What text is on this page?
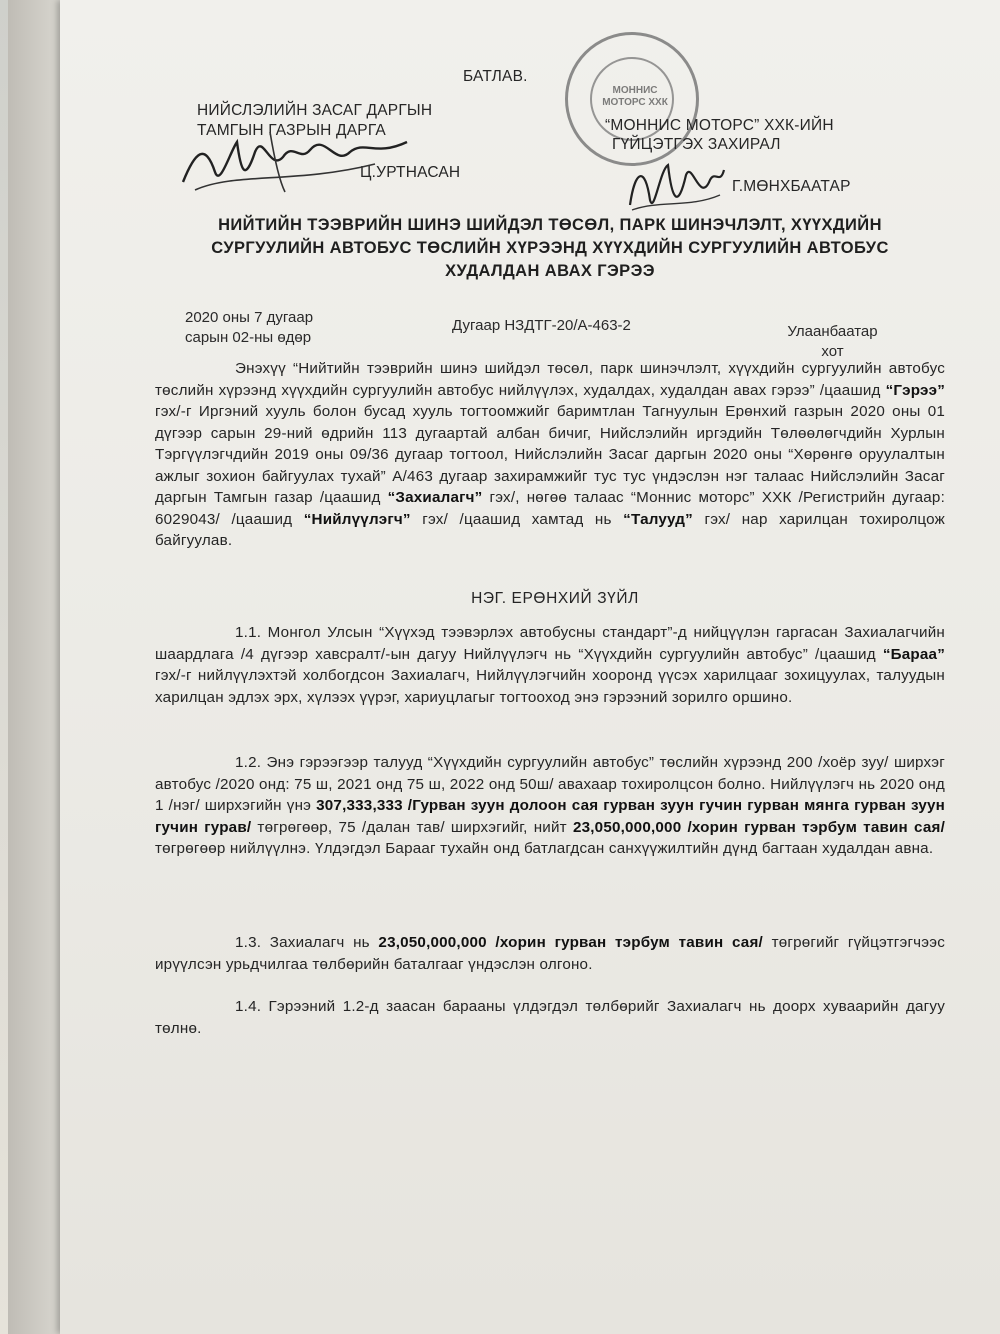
БАТЛАВ.
НИЙСЛЭЛИЙН ЗАСАГ ДАРГЫН
ТАМГЫН ГАЗРЫН ДАРГА
Ц.УРТНАСАН
МОННИС МОТОРС ХХК
“МОННИС МОТОРС” ХХК-ИЙН
ГҮЙЦЭТГЭХ ЗАХИРАЛ
Г.МӨНХБААТАР
НИЙТИЙН ТЭЭВРИЙН ШИНЭ ШИЙДЭЛ ТӨСӨЛ, ПАРК ШИНЭЧЛЭЛТ, ХҮҮХДИЙН
СУРГУУЛИЙН АВТОБУС ТӨСЛИЙН ХҮРЭЭНД ХҮҮХДИЙН СУРГУУЛИЙН АВТОБУС
ХУДАЛДАН АВАХ ГЭРЭЭ
2020 оны 7 дугаар
сарын 02-ны өдөр
Дугаар НЗДТГ-20/А-463-2	Улаанбаатар
хот
Энэхүү “Нийтийн тээврийн шинэ шийдэл төсөл, парк шинэчлэлт, хүүхдийн сургуулийн автобус төслийн хүрээнд хүүхдийн сургуулийн автобус нийлүүлэх, худалдах, худалдан авах гэрээ” /цаашид “Гэрээ” гэх/-г Иргэний хууль болон бусад хууль тогтоомжийг баримтлан Тагнуулын Ерөнхий газрын 2020 оны 01 дүгээр сарын 29-ний өдрийн 113 дугаартай албан бичиг, Нийслэлийн иргэдийн Төлөөлөгчдийн Хурлын Тэргүүлэгчдийн 2019 оны 09/36 дугаар тогтоол, Нийслэлийн Засаг даргын 2020 оны “Хөрөнгө оруулалтын ажлыг зохион байгуулах тухай” А/463 дугаар захирамжийг тус тус үндэслэн нэг талаас Нийслэлийн Засаг даргын Тамгын газар /цаашид “Захиалагч” гэх/, нөгөө талаас “Моннис моторс” ХХК /Регистрийн дугаар: 6029043/ /цаашид “Нийлүүлэгч” гэх/ /цаашид хамтад нь “Талууд” гэх/ нар харилцан тохиролцож байгуулав.
НЭГ. ЕРӨНХИЙ ЗҮЙЛ
1.1. Монгол Улсын “Хүүхэд тээвэрлэх автобусны стандарт”-д нийцүүлэн гаргасан Захиалагчийн шаардлага /4 дүгээр хавсралт/-ын дагуу Нийлүүлэгч нь “Хүүхдийн сургуулийн автобус” /цаашид “Бараа” гэх/-г нийлүүлэхтэй холбогдсон Захиалагч, Нийлүүлэгчийн хооронд үүсэх харилцааг зохицуулах, талуудын харилцан эдлэх эрх, хүлээх үүрэг, хариуцлагыг тогтооход энэ гэрээний зорилго оршино.
1.2. Энэ гэрээгээр талууд “Хүүхдийн сургуулийн автобус” төслийн хүрээнд 200 /хоёр зуу/ ширхэг автобус /2020 онд: 75 ш, 2021 онд 75 ш, 2022 онд 50ш/ авахаар тохиролцсон болно. Нийлүүлэгч нь 2020 онд 1 /нэг/ ширхэгийн үнэ 307,333,333 /Гурван зуун долоон сая гурван зуун гучин гурван мянга гурван зуун гучин гурав/ төгрөгөөр, 75 /далан тав/ ширхэгийг, нийт 23,050,000,000 /хорин гурван тэрбум тавин сая/ төгрөгөөр нийлүүлнэ. Үлдэгдэл Барааг тухайн онд батлагдсан санхүүжилтийн дүнд багтаан худалдан авна.
1.3. Захиалагч нь 23,050,000,000 /хорин гурван тэрбум тавин сая/ төгрөгийг гүйцэтгэгчээс ирүүлсэн урьдчилгаа төлбөрийн баталгааг үндэслэн олгоно.
1.4. Гэрээний 1.2-д заасан барааны үлдэгдэл төлбөрийг Захиалагч нь доорх хуваарийн дагуу төлнө.
